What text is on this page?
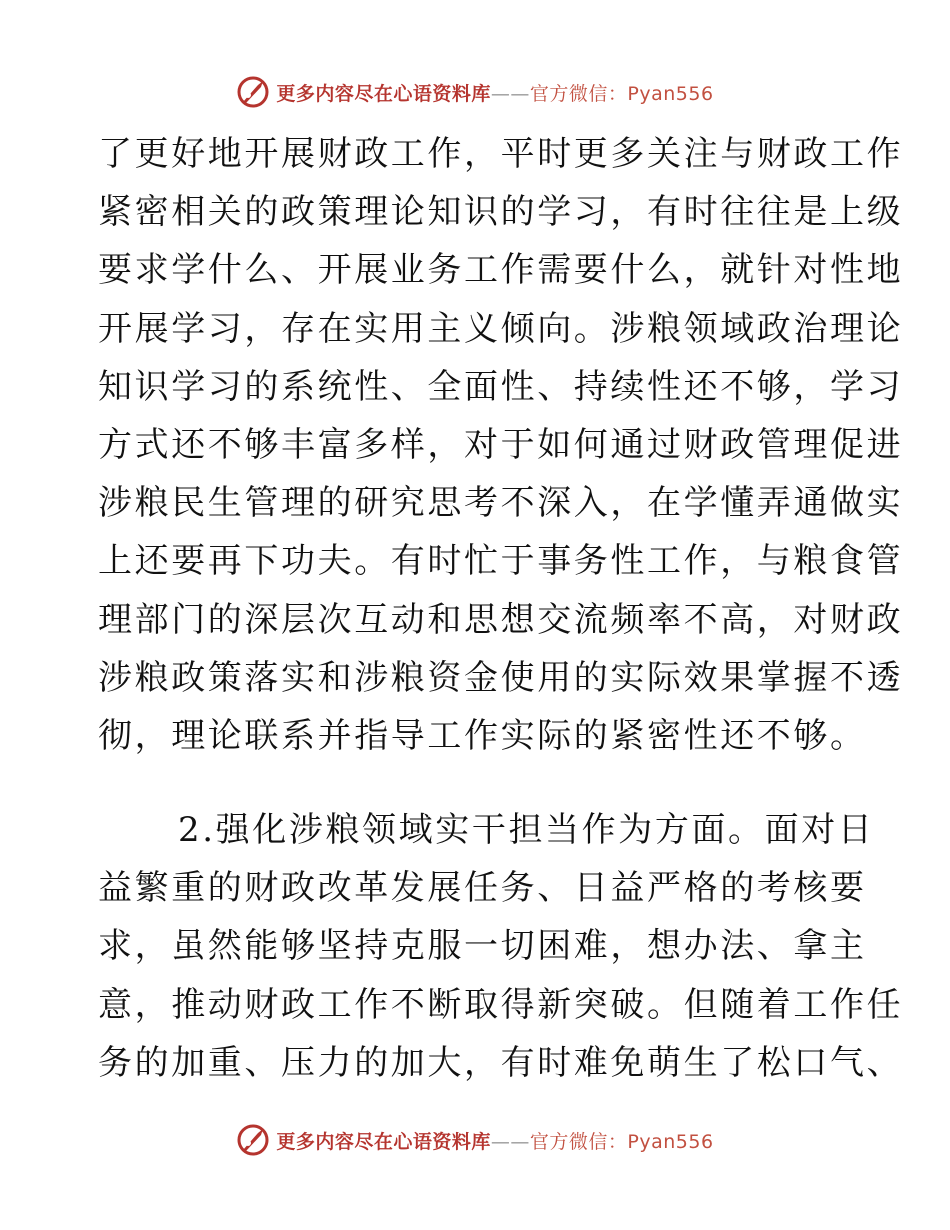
更多内容尽在心语资料库——官方微信：Pyan556
了更好地开展财政工作，平时更多关注与财政工作
紧密相关的政策理论知识的学习，有时往往是上级
要求学什么、开展业务工作需要什么，就针对性地
开展学习，存在实用主义倾向。涉粮领域政治理论
知识学习的系统性、全面性、持续性还不够，学习
方式还不够丰富多样，对于如何通过财政管理促进
涉粮民生管理的研究思考不深入，在学懂弄通做实
上还要再下功夫。有时忙于事务性工作，与粮食管
理部门的深层次互动和思想交流频率不高，对财政
涉粮政策落实和涉粮资金使用的实际效果掌握不透
彻，理论联系并指导工作实际的紧密性还不够。
2.强化涉粮领域实干担当作为方面。面对日
益繁重的财政改革发展任务、日益严格的考核要
求，虽然能够坚持克服一切困难，想办法、拿主
意，推动财政工作不断取得新突破。但随着工作任
务的加重、压力的加大，有时难免萌生了松口气、
更多内容尽在心语资料库——官方微信：Pyan556
